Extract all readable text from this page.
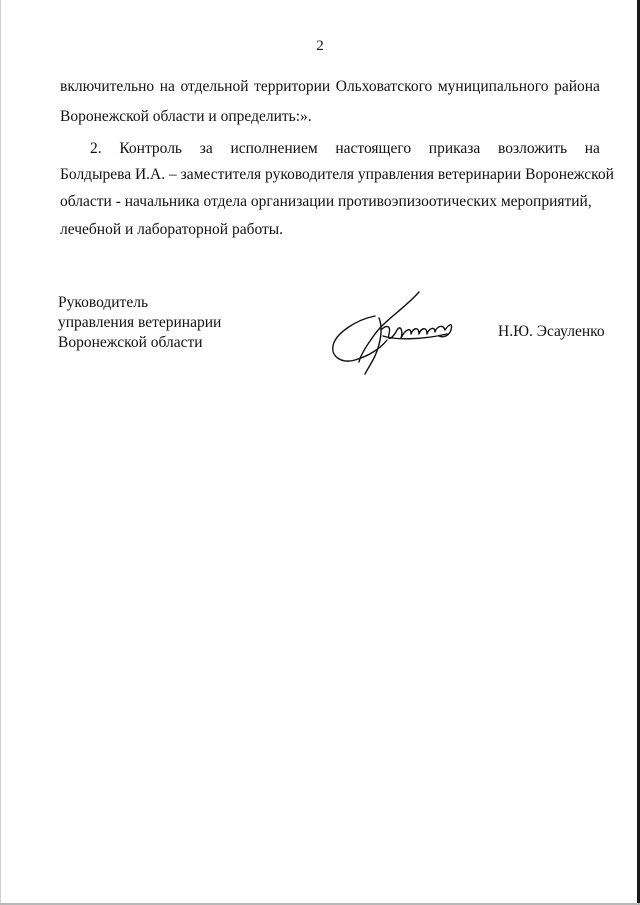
2
включительно на отдельной территории Ольховатского муниципального района
Воронежской области и определить:».
2. Контроль за исполнением настоящего приказа возложить на
Болдырева И.А. – заместителя руководителя управления ветеринарии Воронежской
области - начальника отдела организации противоэпизоотических мероприятий,
лечебной и лабораторной работы.
Руководитель
управления ветеринарии
Воронежской области
Н.Ю. Эсауленко
